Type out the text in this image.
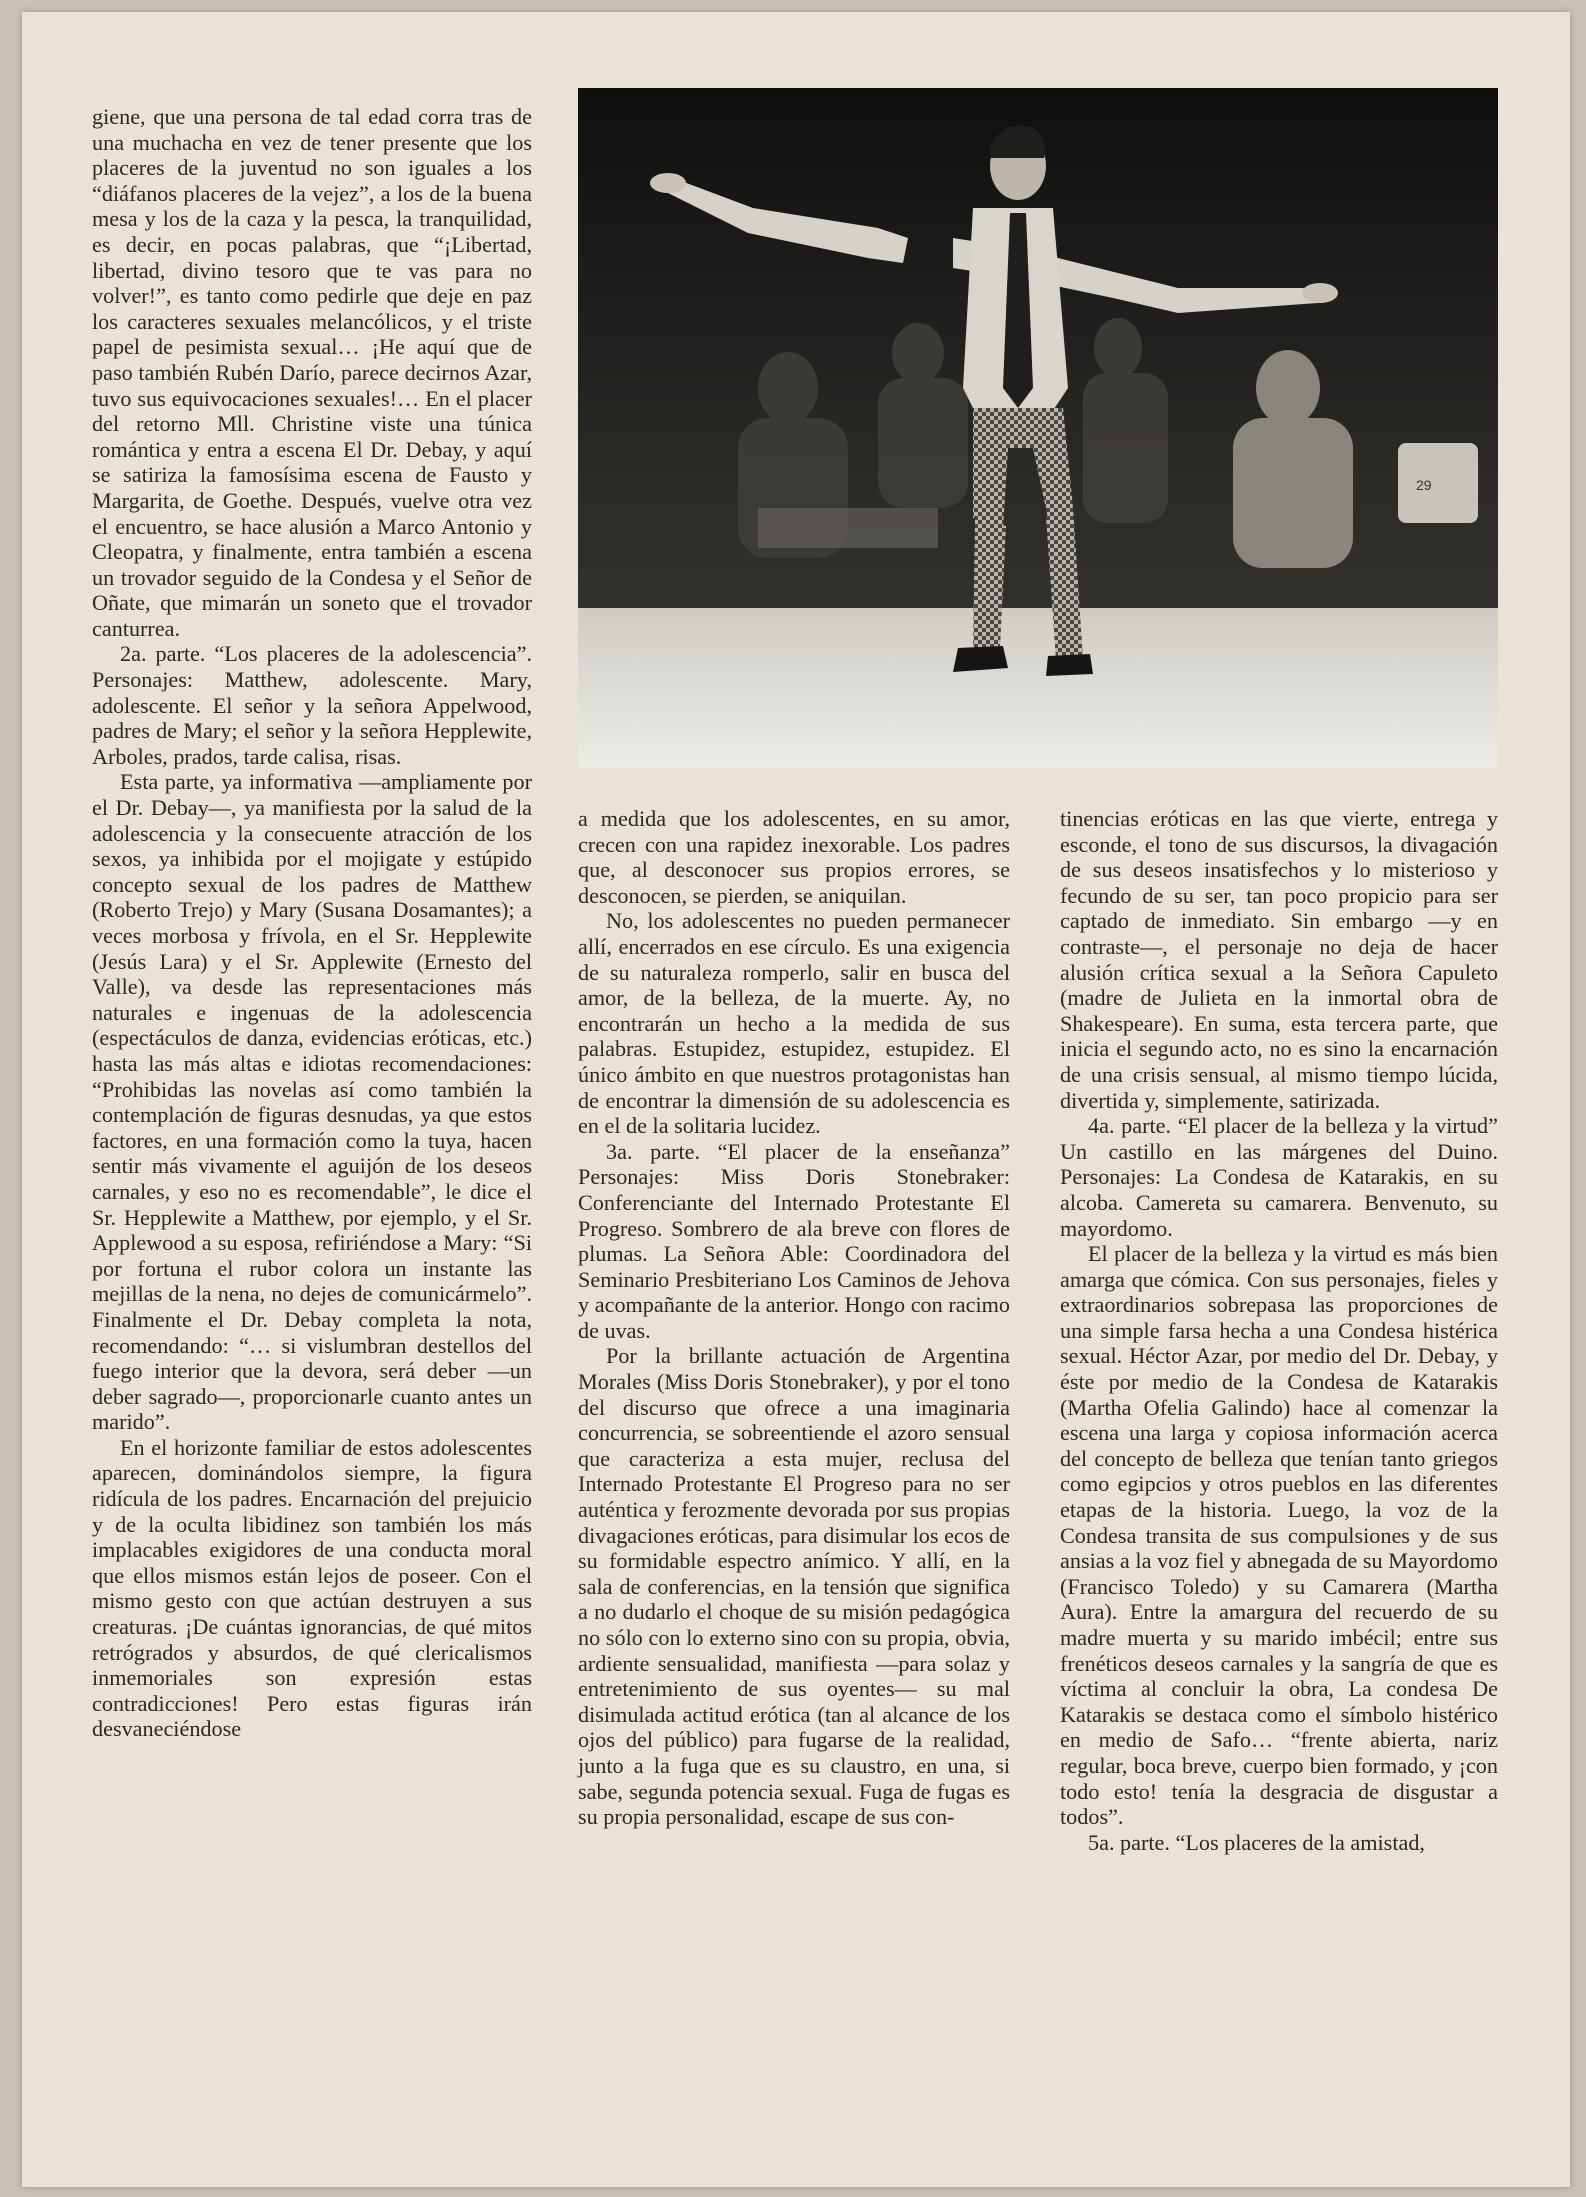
giene, que una persona de tal edad corra tras de una muchacha en vez de tener presente que los placeres de la juventud no son iguales a los “diáfanos placeres de la vejez”, a los de la buena mesa y los de la caza y la pesca, la tranquilidad, es decir, en pocas palabras, que “¡Libertad, libertad, divino tesoro que te vas para no volver!”, es tanto como pedirle que deje en paz los caracteres sexuales melancólicos, y el triste papel de pesimista sexual… ¡He aquí que de paso también Rubén Darío, parece decirnos Azar, tuvo sus equivocaciones sexuales!… En el placer del retorno Mll. Christine viste una túnica romántica y entra a escena El Dr. Debay, y aquí se satiriza la famosísima escena de Fausto y Margarita, de Goethe. Después, vuelve otra vez el encuentro, se hace alusión a Marco Antonio y Cleopatra, y finalmente, entra también a escena un trovador seguido de la Condesa y el Señor de Oñate, que mimarán un soneto que el trovador canturrea.

2a. parte. “Los placeres de la adolescencia”. Personajes: Matthew, adolescente. Mary, adolescente. El señor y la señora Appelwood, padres de Mary; el señor y la señora Hepplewite, Arboles, prados, tarde calisa, risas.

Esta parte, ya informativa —ampliamente por el Dr. Debay—, ya manifiesta por la salud de la adolescencia y la consecuente atracción de los sexos, ya inhibida por el mojigate y estúpido concepto sexual de los padres de Matthew (Roberto Trejo) y Mary (Susana Dosamantes); a veces morbosa y frívola, en el Sr. Hepplewite (Jesús Lara) y el Sr. Applewite (Ernesto del Valle), va desde las representaciones más naturales e ingenuas de la adolescencia (espectáculos de danza, evidencias eróticas, etc.) hasta las más altas e idiotas recomendaciones: “Prohibidas las novelas así como también la contemplación de figuras desnudas, ya que estos factores, en una formación como la tuya, hacen sentir más vivamente el aguijón de los deseos carnales, y eso no es recomendable”, le dice el Sr. Hepplewite a Matthew, por ejemplo, y el Sr. Applewood a su esposa, refiriéndose a Mary: “Si por fortuna el rubor colora un instante las mejillas de la nena, no dejes de comunicármelo”. Finalmente el Dr. Debay completa la nota, recomendando: “… si vislumbran destellos del fuego interior que la devora, será deber —un deber sagrado—, proporcionarle cuanto antes un marido”.

En el horizonte familiar de estos adolescentes aparecen, dominándolos siempre, la figura ridícula de los padres. Encarnación del prejuicio y de la oculta libidinez son también los más implacables exigidores de una conducta moral que ellos mismos están lejos de poseer. Con el mismo gesto con que actúan destruyen a sus creaturas. ¡De cuántas ignorancias, de qué mitos retrógrados y absurdos, de qué clericalismos inmemoriales son expresión estas contradicciones! Pero estas figuras irán desvaneciéndose

29

a medida que los adolescentes, en su amor, crecen con una rapidez inexorable. Los padres que, al desconocer sus propios errores, se desconocen, se pierden, se aniquilan.

No, los adolescentes no pueden permanecer allí, encerrados en ese círculo. Es una exigencia de su naturaleza romperlo, salir en busca del amor, de la belleza, de la muerte. Ay, no encontrarán un hecho a la medida de sus palabras. Estupidez, estupidez, estupidez. El único ámbito en que nuestros protagonistas han de encontrar la dimensión de su adolescencia es en el de la solitaria lucidez.

3a. parte. “El placer de la enseñanza” Personajes: Miss Doris Stonebraker: Conferenciante del Internado Protestante El Progreso. Sombrero de ala breve con flores de plumas. La Señora Able: Coordinadora del Seminario Presbiteriano Los Caminos de Jehova y acompañante de la anterior. Hongo con racimo de uvas.

Por la brillante actuación de Argentina Morales (Miss Doris Stonebraker), y por el tono del discurso que ofrece a una imaginaria concurrencia, se sobreentiende el azoro sensual que caracteriza a esta mujer, reclusa del Internado Protestante El Progreso para no ser auténtica y ferozmente devorada por sus propias divagaciones eróticas, para disimular los ecos de su formidable espectro anímico. Y allí, en la sala de conferencias, en la tensión que significa a no dudarlo el choque de su misión pedagógica no sólo con lo externo sino con su propia, obvia, ardiente sensualidad, manifiesta —para solaz y entretenimiento de sus oyentes— su mal disimulada actitud erótica (tan al alcance de los ojos del público) para fugarse de la realidad, junto a la fuga que es su claustro, en una, si sabe, segunda potencia sexual. Fuga de fugas es su propia personalidad, escape de sus con-

tinencias eróticas en las que vierte, entrega y esconde, el tono de sus discursos, la divagación de sus deseos insatisfechos y lo misterioso y fecundo de su ser, tan poco propicio para ser captado de inmediato. Sin embargo —y en contraste—, el personaje no deja de hacer alusión crítica sexual a la Señora Capuleto (madre de Julieta en la inmortal obra de Shakespeare). En suma, esta tercera parte, que inicia el segundo acto, no es sino la encarnación de una crisis sensual, al mismo tiempo lúcida, divertida y, simplemente, satirizada.

4a. parte. “El placer de la belleza y la virtud” Un castillo en las márgenes del Duino. Personajes: La Condesa de Katarakis, en su alcoba. Camereta su camarera. Benvenuto, su mayordomo.

El placer de la belleza y la virtud es más bien amarga que cómica. Con sus personajes, fieles y extraordinarios sobrepasa las proporciones de una simple farsa hecha a una Condesa histérica sexual. Héctor Azar, por medio del Dr. Debay, y éste por medio de la Condesa de Katarakis (Martha Ofelia Galindo) hace al comenzar la escena una larga y copiosa información acerca del concepto de belleza que tenían tanto griegos como egipcios y otros pueblos en las diferentes etapas de la historia. Luego, la voz de la Condesa transita de sus compulsiones y de sus ansias a la voz fiel y abnegada de su Mayordomo (Francisco Toledo) y su Camarera (Martha Aura). Entre la amargura del recuerdo de su madre muerta y su marido imbécil; entre sus frenéticos deseos carnales y la sangría de que es víctima al concluir la obra, La condesa De Katarakis se destaca como el símbolo histérico en medio de Safo… “frente abierta, nariz regular, boca breve, cuerpo bien formado, y ¡con todo esto! tenía la desgracia de disgustar a todos”.

5a. parte. “Los placeres de la amistad,
